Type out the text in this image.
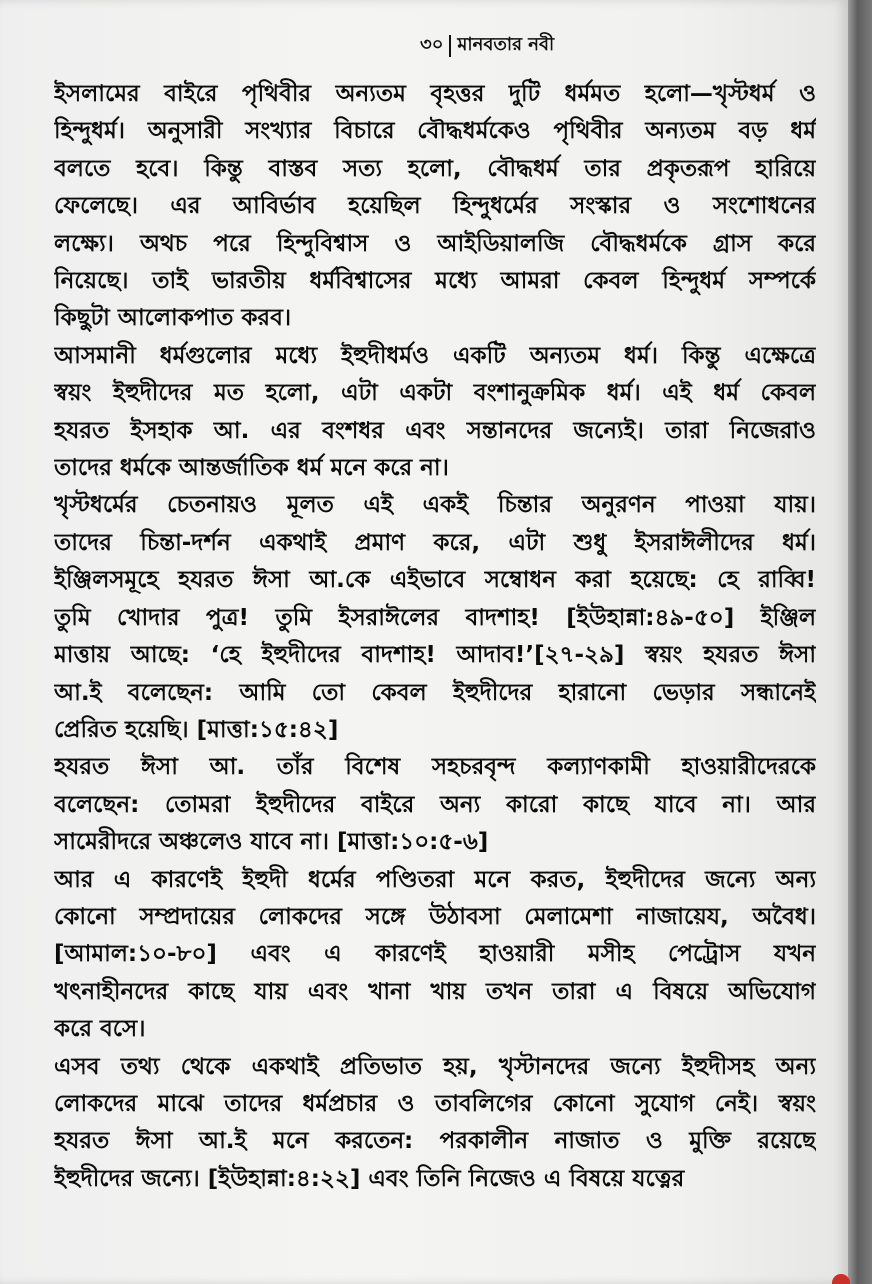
৩০ মানবতার নবী

ইসলামের বাইরে পৃথিবীর অন্যতম বৃহত্তর দুটি ধর্মমত হলো—খৃস্টধর্ম ও
হিন্দুধর্ম। অনুসারী সংখ্যার বিচারে বৌদ্ধধর্মকেও পৃথিবীর অন্যতম বড় ধর্ম
বলতে হবে। কিন্তু বাস্তব সত্য হলো, বৌদ্ধধর্ম তার প্রকৃতরূপ হারিয়ে
ফেলেছে। এর আবির্ভাব হয়েছিল হিন্দুধর্মের সংস্কার ও সংশোধনের
লক্ষ্যে। অথচ পরে হিন্দুবিশ্বাস ও আইডিয়ালজি বৌদ্ধধর্মকে গ্রাস করে
নিয়েছে। তাই ভারতীয় ধর্মবিশ্বাসের মধ্যে আমরা কেবল হিন্দুধর্ম সম্পর্কে
কিছুটা আলোকপাত করব।

আসমানী ধর্মগুলোর মধ্যে ইহুদীধর্মও একটি অন্যতম ধর্ম। কিন্তু এক্ষেত্রে
স্বয়ং ইহুদীদের মত হলো, এটা একটা বংশানুক্রমিক ধর্ম। এই ধর্ম কেবল
হযরত ইসহাক আ. এর বংশধর এবং সন্তানদের জন্যেই। তারা নিজেরাও
তাদের ধর্মকে আন্তর্জাতিক ধর্ম মনে করে না।

খৃস্টধর্মের চেতনায়ও মূলত এই একই চিন্তার অনুরণন পাওয়া যায়।
তাদের চিন্তা-দর্শন একথাই প্রমাণ করে, এটা শুধু ইসরাঈলীদের ধর্ম।
ইঞ্জিলসমূহে হযরত ঈসা আ.কে এইভাবে সম্বোধন করা হয়েছে: হে রাব্বি!
তুমি খোদার পুত্র! তুমি ইসরাঈলের বাদশাহ! [ইউহান্না:৪৯-৫০] ইঞ্জিল
মাত্তায় আছে: ‘হে ইহুদীদের বাদশাহ! আদাব!’[২৭-২৯] স্বয়ং হযরত ঈসা
আ.ই বলেছেন: আমি তো কেবল ইহুদীদের হারানো ভেড়ার সন্ধানেই
প্রেরিত হয়েছি। [মাত্তা:১৫:৪২]

হযরত ঈসা আ. তাঁর বিশেষ সহচরবৃন্দ কল্যাণকামী হাওয়ারীদেরকে
বলেছেন: তোমরা ইহুদীদের বাইরে অন্য কারো কাছে যাবে না। আর
সামেরীদরে অঞ্চলেও যাবে না। [মাত্তা:১০:৫-৬]

আর এ কারণেই ইহুদী ধর্মের পণ্ডিতরা মনে করত, ইহুদীদের জন্যে অন্য
কোনো সম্প্রদায়ের লোকদের সঙ্গে উঠাবসা মেলামেশা নাজায়েয, অবৈধ।
[আমাল:১০-৮০] এবং এ কারণেই হাওয়ারী মসীহ পেট্রোস যখন
খৎনাহীনদের কাছে যায় এবং খানা খায় তখন তারা এ বিষয়ে অভিযোগ
করে বসে।

এসব তথ্য থেকে একথাই প্রতিভাত হয়, খৃস্টানদের জন্যে ইহুদীসহ অন্য
লোকদের মাঝে তাদের ধর্মপ্রচার ও তাবলিগের কোনো সুযোগ নেই। স্বয়ং
হযরত ঈসা আ.ই মনে করতেন: পরকালীন নাজাত ও মুক্তি রয়েছে
ইহুদীদের জন্যে। [ইউহান্না:৪:২২] এবং তিনি নিজেও এ বিষয়ে যত্নের
